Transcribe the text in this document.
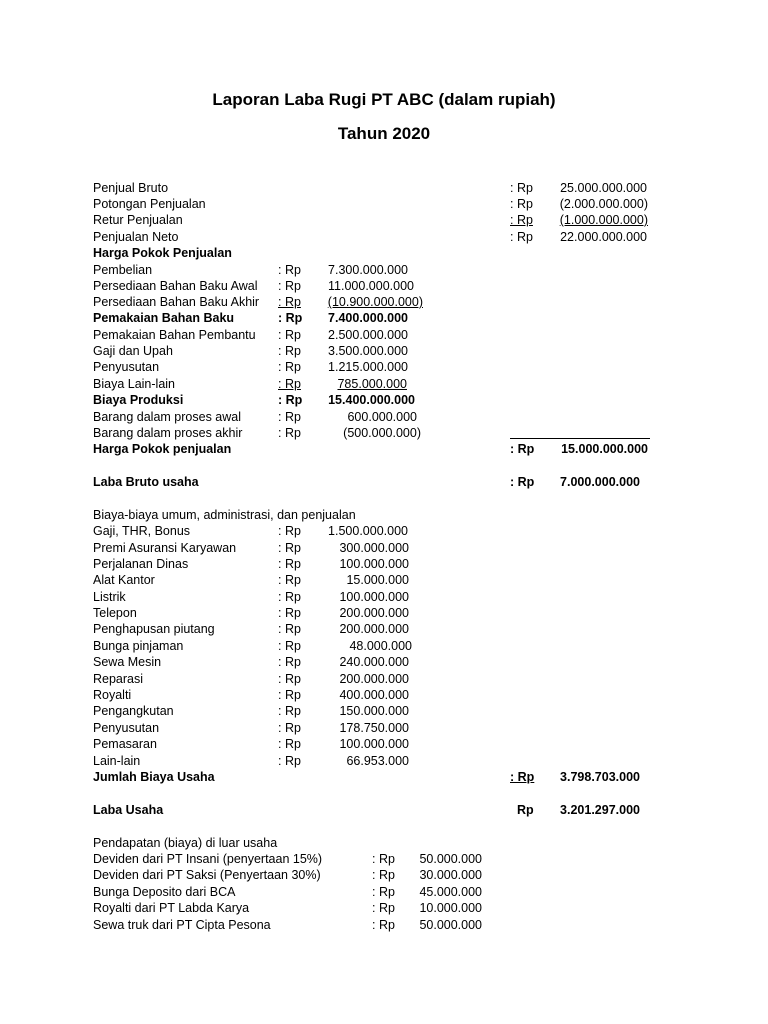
Laporan Laba Rugi PT ABC (dalam rupiah)
Tahun 2020
Penjual Bruto	: Rp	25.000.000.000
Potongan Penjualan	: Rp	(2.000.000.000)
Retur Penjualan	: Rp	(1.000.000.000)
Penjualan Neto	: Rp	22.000.000.000
Harga Pokok Penjualan
Pembelian	: Rp	7.300.000.000
Persediaan Bahan Baku Awal : Rp	11.000.000.000
Persediaan Bahan Baku Akhir : Rp	(10.900.000.000)
Pemakaian Bahan Baku	: Rp	7.400.000.000
Pemakaian Bahan Pembantu : Rp	2.500.000.000
Gaji dan Upah	: Rp	3.500.000.000
Penyusutan	: Rp	1.215.000.000
Biaya Lain-lain	: Rp	785.000.000
Biaya Produksi	: Rp	15.400.000.000
Barang dalam proses awal	: Rp	600.000.000
Barang dalam proses akhir	: Rp	(500.000.000)
Harga Pokok penjualan	: Rp	15.000.000.000
Laba Bruto usaha	: Rp	7.000.000.000
Biaya-biaya umum, administrasi, dan penjualan
Gaji, THR, Bonus	: Rp	1.500.000.000
Premi Asuransi Karyawan	: Rp	300.000.000
Perjalanan Dinas	: Rp	100.000.000
Alat Kantor	: Rp	15.000.000
Listrik	: Rp	100.000.000
Telepon	: Rp	200.000.000
Penghapusan piutang	: Rp	200.000.000
Bunga pinjaman	: Rp	48.000.000
Sewa Mesin	: Rp	240.000.000
Reparasi	: Rp	200.000.000
Royalti	: Rp	400.000.000
Pengangkutan	: Rp	150.000.000
Penyusutan	: Rp	178.750.000
Pemasaran	: Rp	100.000.000
Lain-lain	: Rp	66.953.000
Jumlah Biaya Usaha	: Rp	3.798.703.000
Laba Usaha	Rp	3.201.297.000
Pendapatan (biaya) di luar usaha
Deviden dari PT Insani (penyertaan 15%)	: Rp	50.000.000
Deviden dari PT Saksi (Penyertaan 30%)	: Rp	30.000.000
Bunga Deposito dari BCA	: Rp	45.000.000
Royalti dari PT Labda Karya	: Rp	10.000.000
Sewa truk dari PT Cipta Pesona	: Rp	50.000.000
